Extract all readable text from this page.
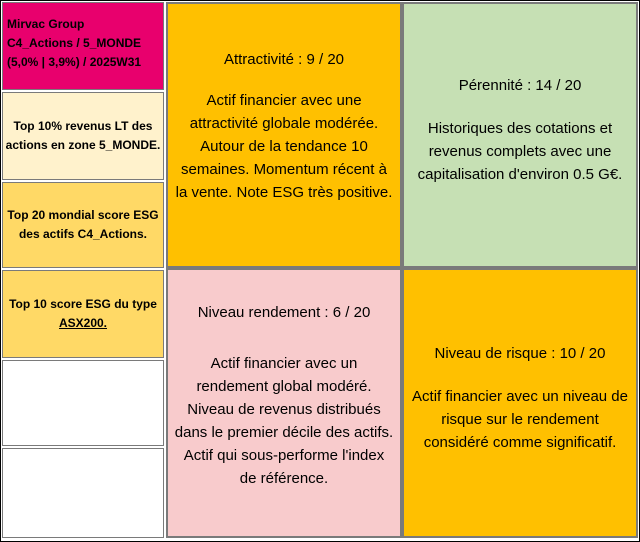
Mirvac Group
C4_Actions / 5_MONDE
(5,0% | 3,9%) / 2025W31
Top 10% revenus LT des
actions en zone 5_MONDE.
Top 20 mondial score ESG
des actifs C4_Actions.
Top 10 score ESG du type
ASX200.
Attractivité : 9 / 20
Actif financier avec une
attractivité globale modérée.
Autour de la tendance 10
semaines. Momentum récent à
la vente. Note ESG très positive.
Pérennité : 14 / 20
Historiques des cotations et
revenus complets avec une
capitalisation d'environ 0.5 G€.
Niveau rendement : 6 / 20
Actif financier avec un
rendement global modéré.
Niveau de revenus distribués
dans le premier décile des actifs.
Actif qui sous-performe l'index
de référence.
Niveau de risque : 10 / 20
Actif financier avec un niveau de
risque sur le rendement
considéré comme significatif.
